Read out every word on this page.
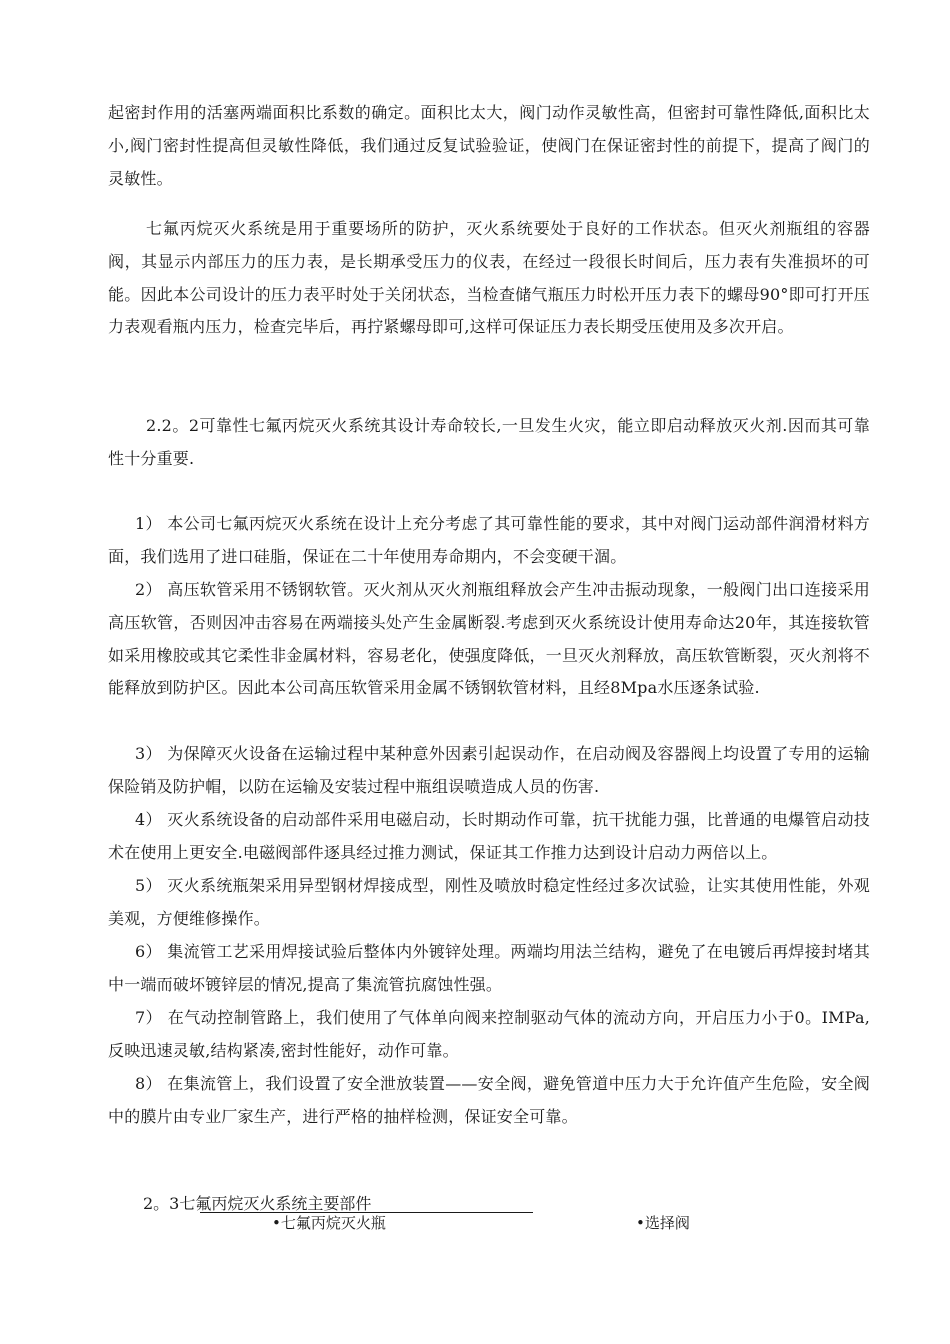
起密封作用的活塞两端面积比系数的确定。面积比太大，阀门动作灵敏性高，但密封可靠性降低,面积比太小,阀门密封性提高但灵敏性降低，我们通过反复试验验证，使阀门在保证密封性的前提下，提高了阀门的灵敏性。

七氟丙烷灭火系统是用于重要场所的防护，灭火系统要处于良好的工作状态。但灭火剂瓶组的容器阀，其显示内部压力的压力表，是长期承受压力的仪表，在经过一段很长时间后，压力表有失准损坏的可能。因此本公司设计的压力表平时处于关闭状态，当检查储气瓶压力时松开压力表下的螺母90°即可打开压力表观看瓶内压力，检查完毕后，再拧紧螺母即可,这样可保证压力表长期受压使用及多次开启。

2.2。2可靠性七氟丙烷灭火系统其设计寿命较长,一旦发生火灾，能立即启动释放灭火剂.因而其可靠性十分重要.

1） 本公司七氟丙烷灭火系统在设计上充分考虑了其可靠性能的要求，其中对阀门运动部件润滑材料方面，我们选用了进口硅脂，保证在二十年使用寿命期内，不会变硬干涸。

2） 高压软管采用不锈钢软管。灭火剂从灭火剂瓶组释放会产生冲击振动现象，一般阀门出口连接采用高压软管，否则因冲击容易在两端接头处产生金属断裂.考虑到灭火系统设计使用寿命达20年，其连接软管如采用橡胶或其它柔性非金属材料，容易老化，使强度降低，一旦灭火剂释放，高压软管断裂，灭火剂将不能释放到防护区。因此本公司高压软管采用金属不锈钢软管材料，且经8Mpa水压逐条试验.

3） 为保障灭火设备在运输过程中某种意外因素引起误动作，在启动阀及容器阀上均设置了专用的运输保险销及防护帽，以防在运输及安装过程中瓶组误喷造成人员的伤害.

4） 灭火系统设备的启动部件采用电磁启动，长时期动作可靠，抗干扰能力强，比普通的电爆管启动技术在使用上更安全.电磁阀部件逐具经过推力测试，保证其工作推力达到设计启动力两倍以上。

5） 灭火系统瓶架采用异型钢材焊接成型，刚性及喷放时稳定性经过多次试验，让实其使用性能，外观美观，方便维修操作。

6） 集流管工艺采用焊接试验后整体内外镀锌处理。两端均用法兰结构，避免了在电镀后再焊接封堵其中一端而破坏镀锌层的情况,提高了集流管抗腐蚀性强。

7） 在气动控制管路上，我们使用了气体单向阀来控制驱动气体的流动方向，开启压力小于0。IMPa,反映迅速灵敏,结构紧凑,密封性能好，动作可靠。

8） 在集流管上，我们设置了安全泄放装置——安全阀，避免管道中压力大于允许值产生危险，安全阀中的膜片由专业厂家生产，进行严格的抽样检测，保证安全可靠。

2。3七氟丙烷灭火系统主要部件

•七氟丙烷灭火瓶	•选择阀
